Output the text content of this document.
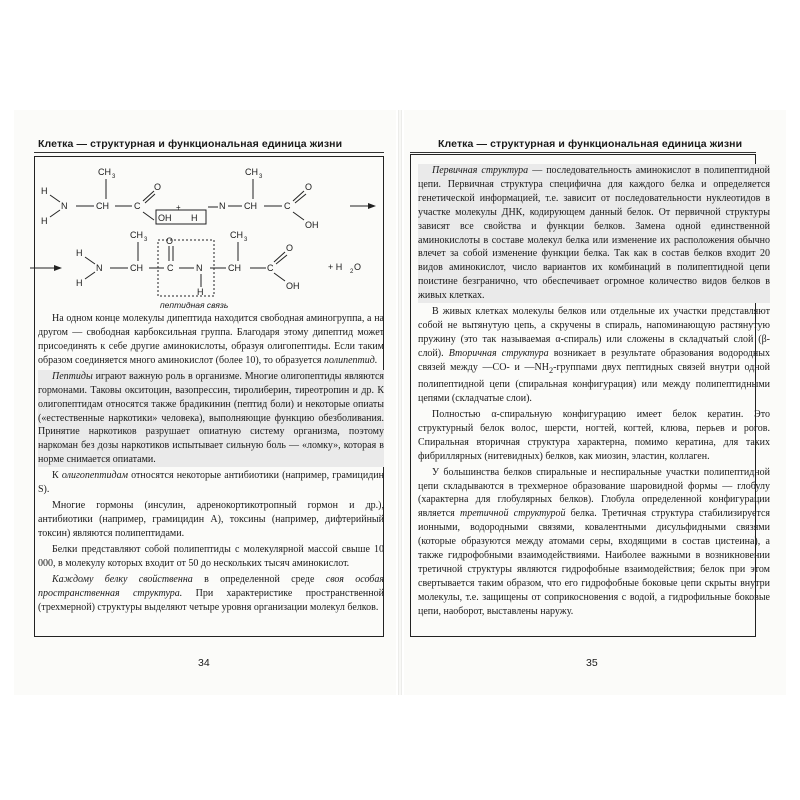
Клетка — структурная и функциональная единица жизни
H
N
H
CH 3
CH	C
O
OH
+
H
N
CH 3
CH	C
O
OH
H
N
H
CH 3
CH
O
C	N
H
CH 3
CH	C
O
OH
+ H 2 O
пептидная связь

На одном конце молекулы дипептида находится свободная аминогруппа, а на другом — свободная карбоксильная группа. Благодаря этому дипептид может присоединять к себе другие аминокислоты, образуя олигопептиды. Если таким образом соединяется много аминокислот (более 10), то образуется полипептид.

Пептиды играют важную роль в организме. Многие олигопептиды являются гормонами. Таковы окситоцин, вазопрессин, тиролиберин, тиреотропин и др. К олигопептидам относятся также брадикинин (пептид боли) и некоторые опиаты («естественные наркотики» человека), выполняющие функцию обезболивания. Принятие наркотиков разрушает опиатную систему организма, поэтому наркоман без дозы наркотиков испытывает сильную боль — «ломку», которая в норме снимается опиатами.

К олигопептидам относятся некоторые антибиотики (например, грамицидин S).

Многие гормоны (инсулин, адренокортикотропный гормон и др.), антибиотики (например, грамицидин A), токсины (например, дифтерийный токсин) являются полипептидами.

Белки представляют собой полипептиды с молекулярной массой свыше 10 000, в молекулу которых входит от 50 до нескольких тысяч аминокислот.

Каждому белку свойственна в определенной среде своя особая пространственная структура. При характеристике пространственной (трехмерной) структуры выделяют четыре уровня организации молекул белков.

34
Клетка — структурная и функциональная единица жизни

Первичная структура — последовательность аминокислот в полипептидной цепи. Первичная структура специфична для каждого белка и определяется генетической информацией, т.е. зависит от последовательности нуклеотидов в участке молекулы ДНК, кодирующем данный белок. От первичной структуры зависят все свойства и функции белков. Замена одной единственной аминокислоты в составе молекул белка или изменение их расположения обычно влечет за собой изменение функции белка. Так как в состав белков входит 20 видов аминокислот, число вариантов их комбинаций в полипептидной цепи поистине безгранично, что обеспечивает огромное количество видов белков в живых клетках.

В живых клетках молекулы белков или отдельные их участки представляют собой не вытянутую цепь, а скручены в спираль, напоминающую растянутую пружину (это так называемая α-спираль) или сложены в складчатый слой (β-слой). Вторичная структура возникает в результате образования водородных связей между —CO- и $—NH_2$-группами двух пептидных связей внутри одной полипептидной цепи (спиральная конфигурация) или между полипептидными цепями (складчатые слои).

Полностью α-спиральную конфигурацию имеет белок кератин. Это структурный белок волос, шерсти, ногтей, когтей, клюва, перьев и рогов. Спиральная вторичная структура характерна, помимо кератина, для таких фибриллярных (нитевидных) белков, как миозин, эластин, коллаген.

У большинства белков спиральные и неспиральные участки полипептидной цепи складываются в трехмерное образование шаровидной формы — глобулу (характерна для глобулярных белков). Глобула определенной конфигурации является третичной структурой белка. Третичная структура стабилизируется ионными, водородными связями, ковалентными дисульфидными связями (которые образуются между атомами серы, входящими в состав цистеина), а также гидрофобными взаимодействиями. Наиболее важными в возникновении третичной структуры являются гидрофобные взаимодействия; белок при этом свертывается таким образом, что его гидрофобные боковые цепи скрыты внутри молекулы, т.е. защищены от соприкосновения с водой, а гидрофильные боковые цепи, наоборот, выставлены наружу.

35
